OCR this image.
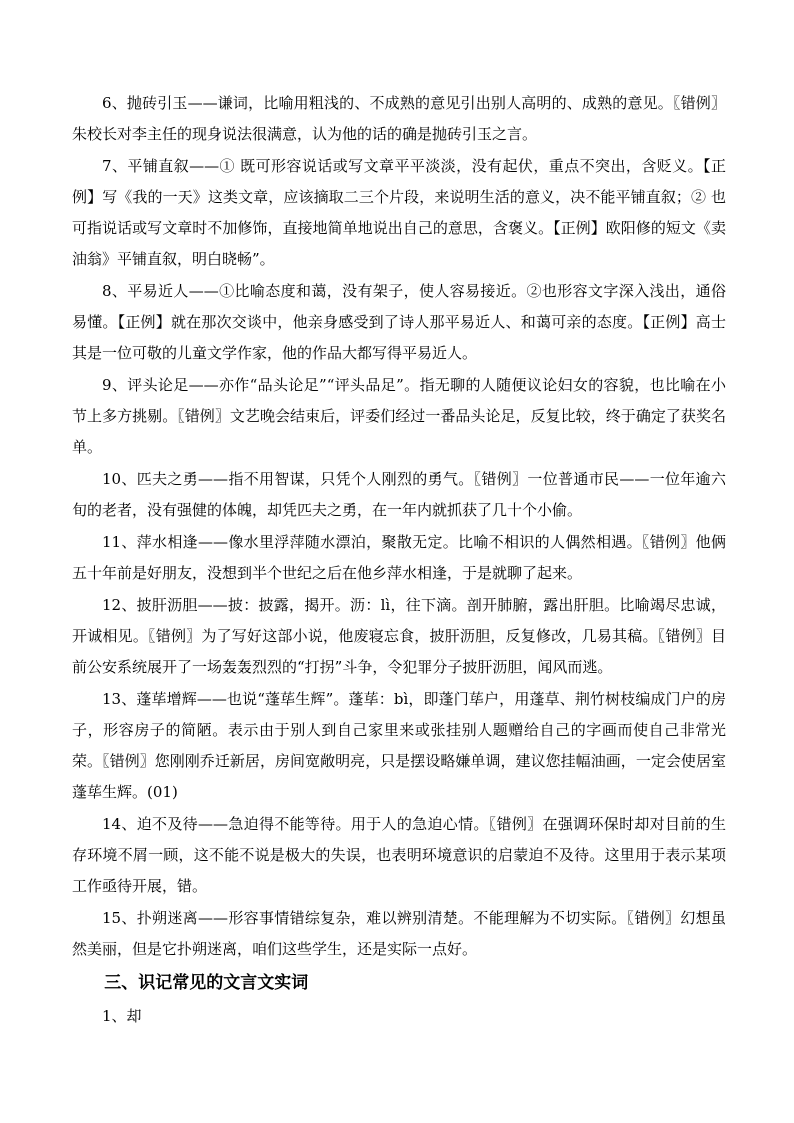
6、抛砖引玉——谦词，比喻用粗浅的、不成熟的意见引出别人高明的、成熟的意见。〖错例〗朱校长对李主任的现身说法很满意，认为他的话的确是抛砖引玉之言。

7、平铺直叙——① 既可形容说话或写文章平平淡淡，没有起伏，重点不突出，含贬义。【正例】写《我的一天》这类文章，应该摘取二三个片段，来说明生活的意义，决不能平铺直叙；② 也可指说话或写文章时不加修饰，直接地简单地说出自己的意思，含褒义。【正例】欧阳修的短文《卖油翁》平铺直叙，明白晓畅”。

8、平易近人——①比喻态度和蔼，没有架子，使人容易接近。②也形容文字深入浅出，通俗易懂。【正例】就在那次交谈中，他亲身感受到了诗人那平易近人、和蔼可亲的态度。【正例】高士其是一位可敬的儿童文学作家，他的作品大都写得平易近人。

9、评头论足——亦作“品头论足”“评头品足”。指无聊的人随便议论妇女的容貌，也比喻在小节上多方挑剔。〖错例〗文艺晚会结束后，评委们经过一番品头论足，反复比较，终于确定了获奖名单。

10、匹夫之勇——指不用智谋，只凭个人刚烈的勇气。〖错例〗一位普通市民——一位年逾六旬的老者，没有强健的体魄，却凭匹夫之勇，在一年内就抓获了几十个小偷。

11、萍水相逢——像水里浮萍随水漂泊，聚散无定。比喻不相识的人偶然相遇。〖错例〗他俩五十年前是好朋友，没想到半个世纪之后在他乡萍水相逢，于是就聊了起来。

12、披肝沥胆——披：披露，揭开。沥：lì，往下滴。剖开肺腑，露出肝胆。比喻竭尽忠诚，开诚相见。〖错例〗为了写好这部小说，他废寝忘食，披肝沥胆，反复修改，几易其稿。〖错例〗目前公安系统展开了一场轰轰烈烈的“打拐”斗争，令犯罪分子披肝沥胆，闻风而逃。

13、蓬荜增辉——也说“蓬荜生辉”。蓬荜：bì，即蓬门荜户，用蓬草、荆竹树枝编成门户的房子，形容房子的简陋。表示由于别人到自己家里来或张挂别人题赠给自己的字画而使自己非常光荣。〖错例〗您刚刚乔迁新居，房间宽敞明亮，只是摆设略嫌单调，建议您挂幅油画，一定会使居室蓬荜生辉。(01)

14、迫不及待——急迫得不能等待。用于人的急迫心情。〖错例〗在强调环保时却对目前的生存环境不屑一顾，这不能不说是极大的失误，也表明环境意识的启蒙迫不及待。这里用于表示某项工作亟待开展，错。

15、扑朔迷离——形容事情错综复杂，难以辨别清楚。不能理解为不切实际。〖错例〗幻想虽然美丽，但是它扑朔迷离，咱们这些学生，还是实际一点好。

三、识记常见的文言文实词

1、却
